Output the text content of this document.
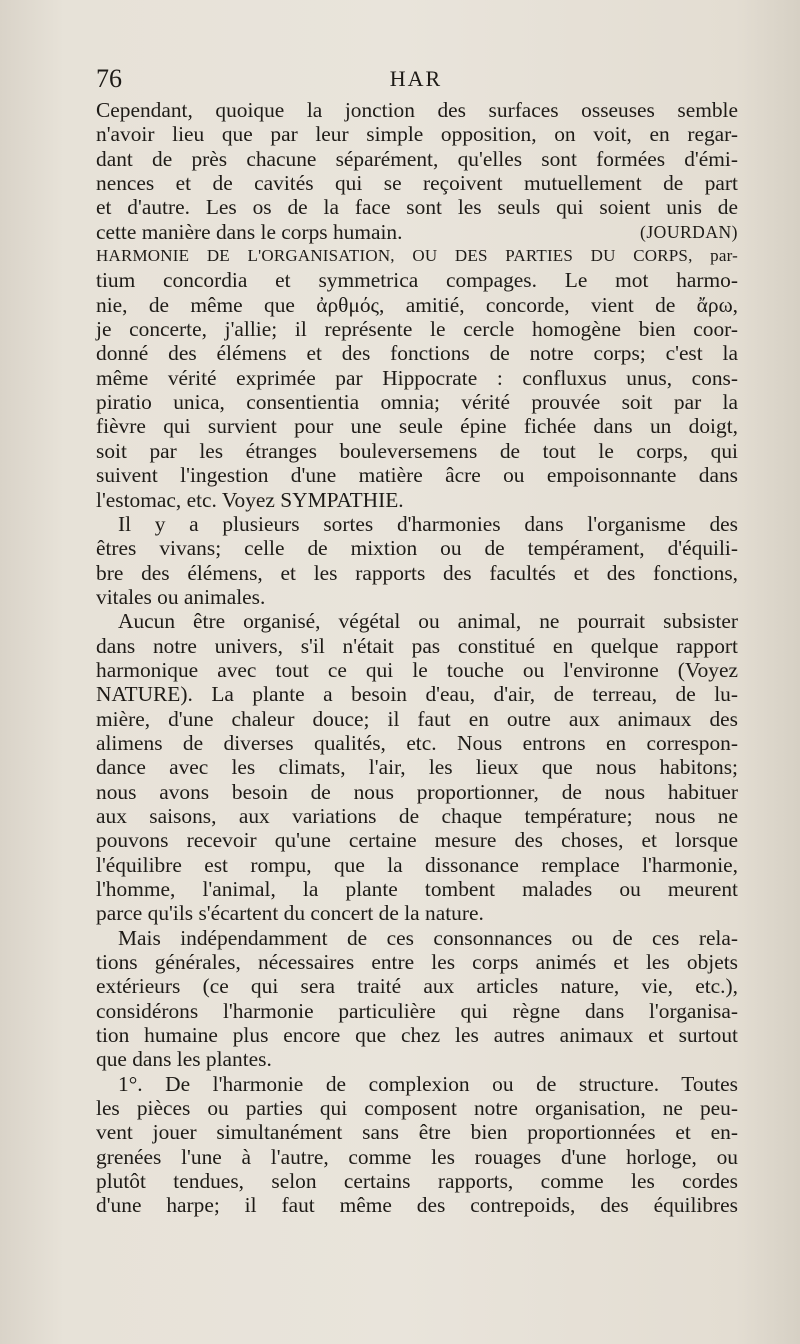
76	HAR
Cependant, quoique la jonction des surfaces osseuses semble
n'avoir lieu que par leur simple opposition, on voit, en regar-
dant de près chacune séparément, qu'elles sont formées d'émi-
nences et de cavités qui se reçoivent mutuellement de part
et d'autre. Les os de la face sont les seuls qui soient unis de
cette manière dans le corps humain.	(JOURDAN)
HARMONIE DE L'ORGANISATION, OU DES PARTIES DU CORPS, par-
tium concordia et symmetrica compages. Le mot harmo-
nie, de même que ἀρθμός, amitié, concorde, vient de ἄρω,
je concerte, j'allie; il représente le cercle homogène bien coor-
donné des élémens et des fonctions de notre corps; c'est la
même vérité exprimée par Hippocrate : confluxus unus, cons-
piratio unica, consentientia omnia; vérité prouvée soit par la
fièvre qui survient pour une seule épine fichée dans un doigt,
soit par les étranges bouleversemens de tout le corps, qui
suivent l'ingestion d'une matière âcre ou empoisonnante dans
l'estomac, etc. Voyez SYMPATHIE.
Il y a plusieurs sortes d'harmonies dans l'organisme des
êtres vivans; celle de mixtion ou de tempérament, d'équili-
bre des élémens, et les rapports des facultés et des fonctions,
vitales ou animales.
Aucun être organisé, végétal ou animal, ne pourrait subsister
dans notre univers, s'il n'était pas constitué en quelque rapport
harmonique avec tout ce qui le touche ou l'environne (Voyez
NATURE). La plante a besoin d'eau, d'air, de terreau, de lu-
mière, d'une chaleur douce; il faut en outre aux animaux des
alimens de diverses qualités, etc. Nous entrons en correspon-
dance avec les climats, l'air, les lieux que nous habitons;
nous avons besoin de nous proportionner, de nous habituer
aux saisons, aux variations de chaque température; nous ne
pouvons recevoir qu'une certaine mesure des choses, et lorsque
l'équilibre est rompu, que la dissonance remplace l'harmonie,
l'homme, l'animal, la plante tombent malades ou meurent
parce qu'ils s'écartent du concert de la nature.
Mais indépendamment de ces consonnances ou de ces rela-
tions générales, nécessaires entre les corps animés et les objets
extérieurs (ce qui sera traité aux articles nature, vie, etc.),
considérons l'harmonie particulière qui règne dans l'organisa-
tion humaine plus encore que chez les autres animaux et surtout
que dans les plantes.
1°. De l'harmonie de complexion ou de structure. Toutes
les pièces ou parties qui composent notre organisation, ne peu-
vent jouer simultanément sans être bien proportionnées et en-
grenées l'une à l'autre, comme les rouages d'une horloge, ou
plutôt tendues, selon certains rapports, comme les cordes
d'une harpe; il faut même des contrepoids, des équilibres
